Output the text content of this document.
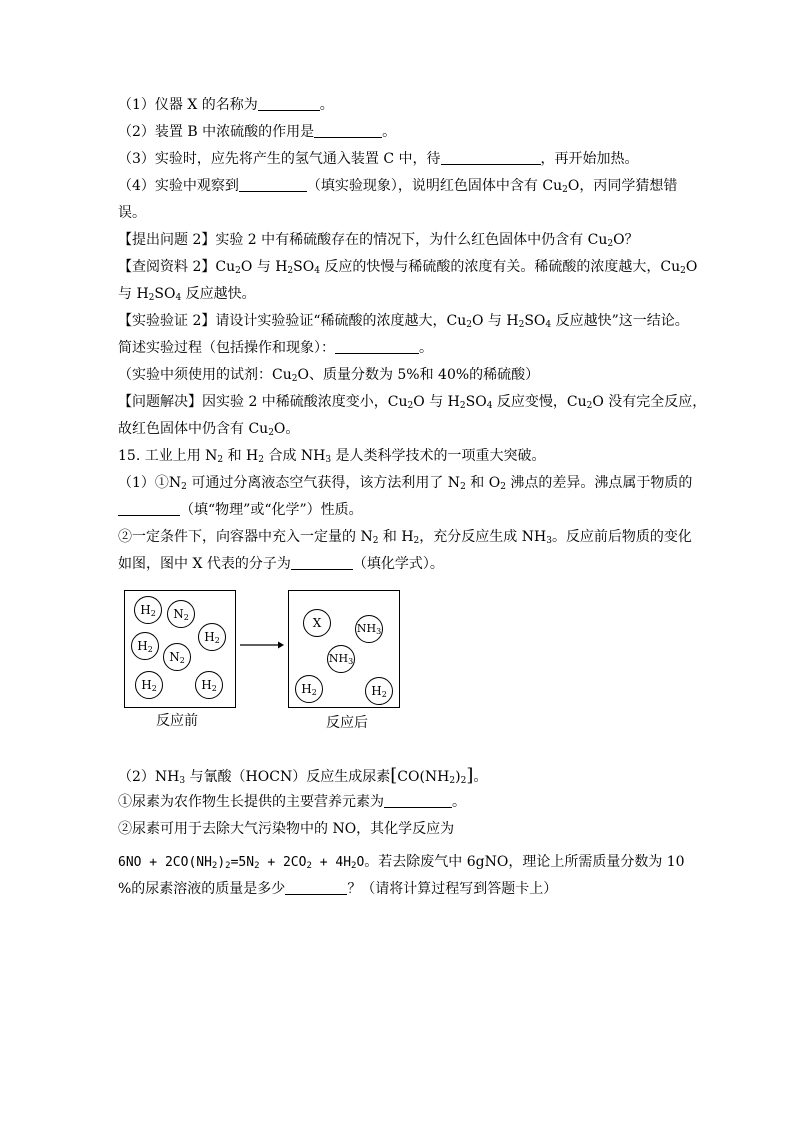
（1）仪器 X 的名称为	。
（2）装置 B 中浓硫酸的作用是	。
（3）实验时，应先将产生的氢气通入装置 C 中，待	，再开始加热。
（4）实验中观察到	（填实验现象），说明红色固体中含有 $Cu_2O$，丙同学猜想错
误。
【提出问题 2】实验 2 中有稀硫酸存在的情况下，为什么红色固体中仍含有 $Cu_2O$？
【查阅资料 2】$Cu_2O$ 与 $H_2SO_4$ 反应的快慢与稀硫酸的浓度有关。稀硫酸的浓度越大，$Cu_2O$
与 $H_2SO_4$ 反应越快。
【实验验证 2】请设计实验验证“稀硫酸的浓度越大，$Cu_2O$ 与 $H_2SO_4$ 反应越快”这一结论。
简述实验过程（包括操作和现象）：	。
（实验中须使用的试剂：$Cu_2O$、质量分数为 5%和 40%的稀硫酸）
【问题解决】因实验 2 中稀硫酸浓度变小，$Cu_2O$ 与 $H_2SO_4$ 反应变慢，$Cu_2O$ 没有完全反应，
故红色固体中仍含有 $Cu_2O$。
15. 工业上用 $N_2$ 和 $H_2$ 合成 $NH_3$ 是人类科学技术的一项重大突破。
$(1)①N_2$ 可通过分离液态空气获得，该方法利用了 $N_2$ 和 $O_2$ 沸点的差异。沸点属于物质的
（填“物理”或“化学”）性质。
②一定条件下，向容器中充入一定量的 $N_2$ 和 $H_2$，充分反应生成 $NH_3$。反应前后物质的变化
如图，图中 X 代表的分子为	（填化学式）。
$H_2$	$N_2$
$H_2$
$H_2$
$N_2$
$H_2$	$H_2$
X	$NH_3$
$NH_3$
$H_2$	$H_2$
反应前	反应后
$(2)NH_3$ 与氰酸（HOCN）反应生成尿素$[CO(NH_2)_2]$。
①尿素为农作物生长提供的主要营养元素为	。
②尿素可用于去除大气污染物中的 NO，其化学反应为
$6NO + 2CO(NH_2)_2=5N_2 + 2CO_2 + 4H_2O$。若去除废气中 6gNO，理论上所需质量分数为 10
%的尿素溶液的质量是多少	？（请将计算过程写到答题卡上）
